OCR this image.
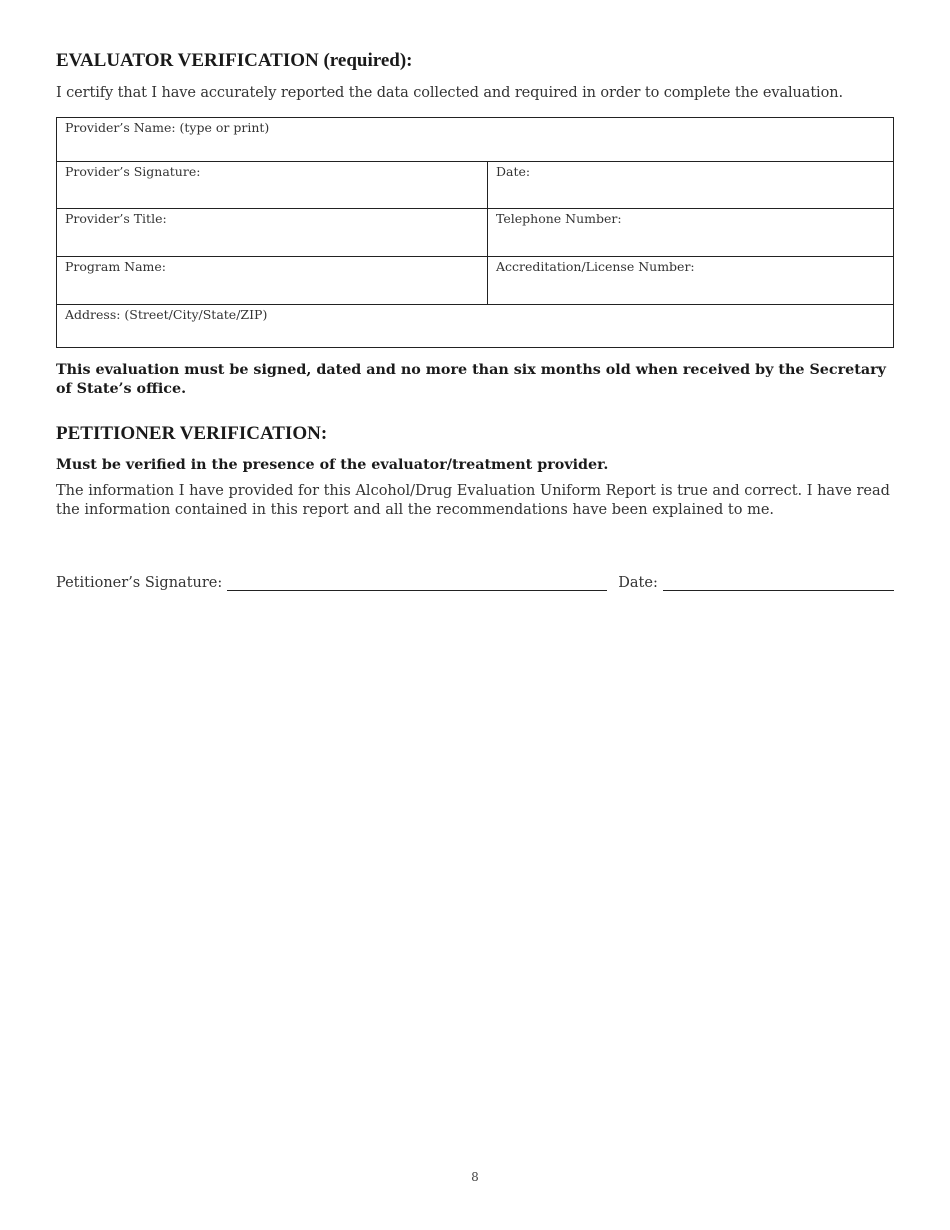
EVALUATOR VERIFICATION (required):
I certify that I have accurately reported the data collected and required in order to complete the evaluation.
Provider’s Name: (type or print)
Provider’s Signature:	Date:
Provider’s Title:	Telephone Number:
Program Name:	Accreditation/License Number:
Address: (Street/City/State/ZIP)
This evaluation must be signed, dated and no more than six months old when received by the Secretary of State’s office.
PETITIONER VERIFICATION:
Must be verified in the presence of the evaluator/treatment provider.
The information I have provided for this Alcohol/Drug Evaluation Uniform Report is true and correct. I have read the information contained in this report and all the recommendations have been explained to me.
Petitioner’s Signature:	Date:
8
